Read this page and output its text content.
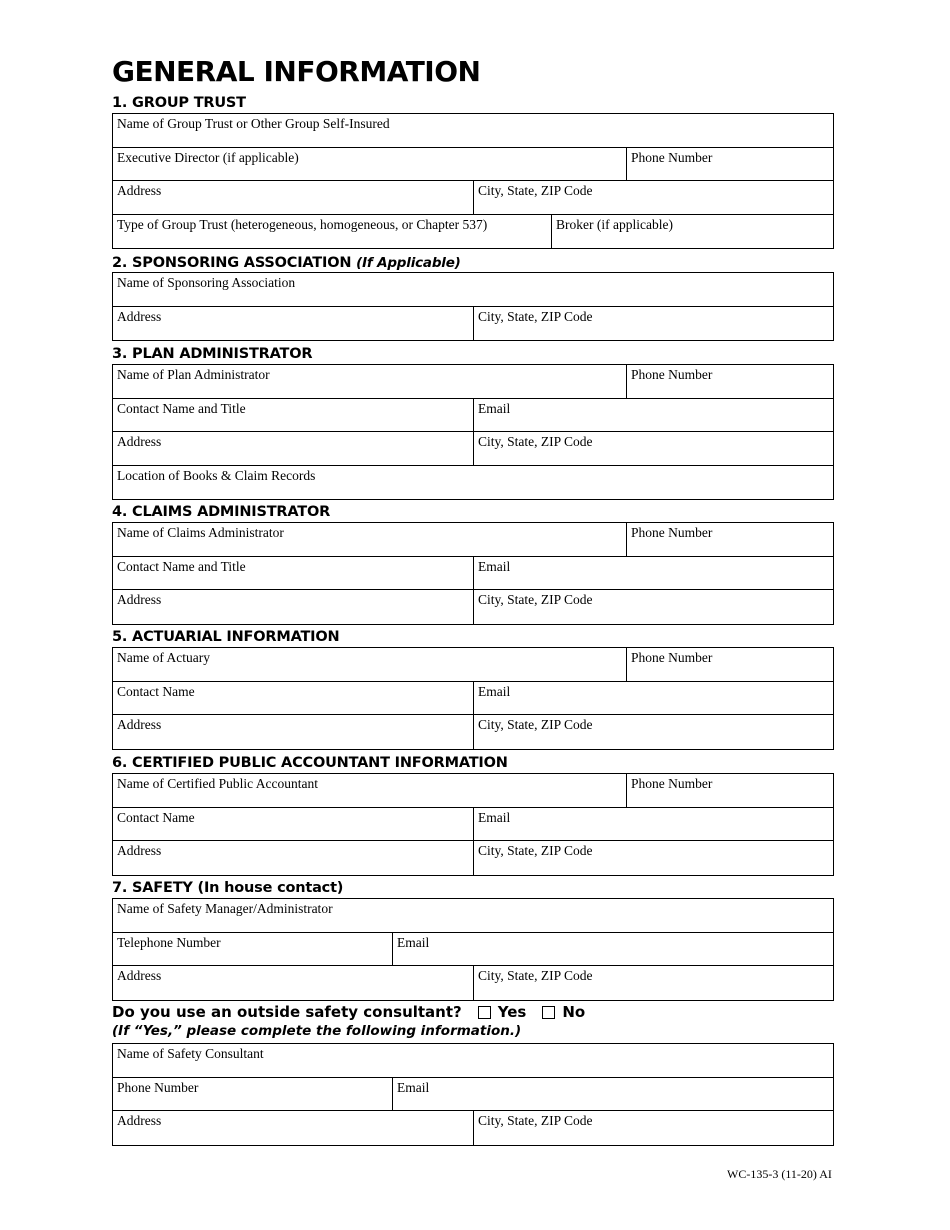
GENERAL INFORMATION
1. GROUP TRUST
Name of Group Trust or Other Group Self-Insured
Executive Director (if applicable)	Phone Number
Address	City, State, ZIP Code
Type of Group Trust (heterogeneous, homogeneous, or Chapter 537)	Broker (if applicable)
2. SPONSORING ASSOCIATION (If Applicable)
Name of Sponsoring Association
Address	City, State, ZIP Code
3. PLAN ADMINISTRATOR
Name of Plan Administrator	Phone Number
Contact Name and Title	Email
Address	City, State, ZIP Code
Location of Books & Claim Records
4. CLAIMS ADMINISTRATOR
Name of Claims Administrator	Phone Number
Contact Name and Title	Email
Address	City, State, ZIP Code
5. ACTUARIAL INFORMATION
Name of Actuary	Phone Number
Contact Name	Email
Address	City, State, ZIP Code
6. CERTIFIED PUBLIC ACCOUNTANT INFORMATION
Name of Certified Public Accountant	Phone Number
Contact Name	Email
Address	City, State, ZIP Code
7. SAFETY (In house contact)
Name of Safety Manager/Administrator
Telephone Number	Email
Address	City, State, ZIP Code
Do you use an outside safety consultant? Yes No
(If “Yes,” please complete the following information.)
Name of Safety Consultant
Phone Number	Email
Address	City, State, ZIP Code
WC-135-3 (11-20) AI
